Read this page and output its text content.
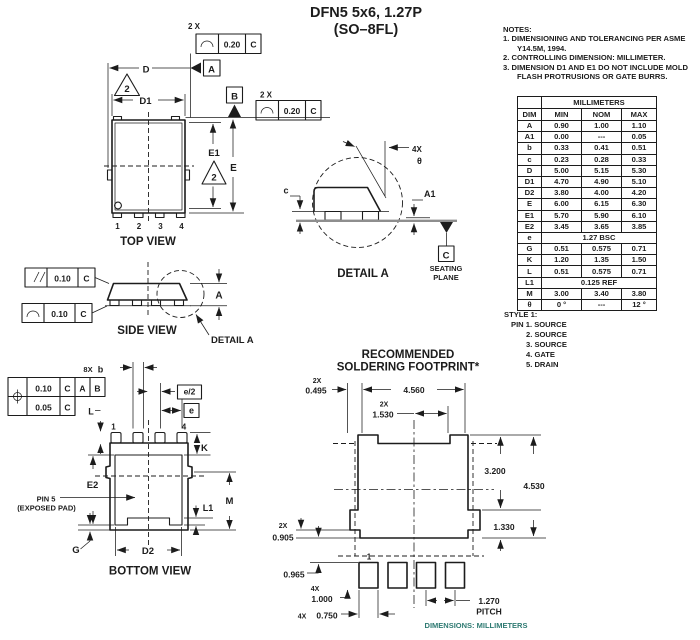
1 2 3 4
TOP VIEW
D	A
2 X
0.20 C
D1
2
B	2 X
0.20 C
E1
2
E
0.10 C
0.10 C
A
SIDE VIEW
DETAIL A
4X
θ
c	A1
C
SEATING
PLANE
DETAIL A
0.10 C A B
0.05 C
8X b
e/2
e
L
1	4
PIN 5
(EXPOSED PAD)
K
E2
M
L1
G	D2
BOTTOM VIEW
RECOMMENDED
SOLDERING FOOTPRINT*
2X
0.495	4.560
2X
1.530
3.200
4.530
1.330
2X
0.905
0.965
1
4X
1.000
4X 0.750
1.270
PITCH
DIMENSIONS: MILLIMETERS
DFN5 5x6, 1.27P
(SO–8FL)	NOTES:
1. DIMENSIONING AND TOLERANCING PER ASME Y14.5M, 1994.
2. CONTROLLING DIMENSION: MILLIMETER.
3. DIMENSION D1 AND E1 DO NOT INCLUDE MOLD FLASH PROTRUSIONS OR GATE BURRS.
	MILLIMETERS		
DIM	MIN	NOM	MAX
A	0.90	1.00	1.10
A1	0.00	---	0.05
b	0.33	0.41	0.51
c	0.23	0.28	0.33
D	5.00	5.15	5.30
D1	4.70	4.90	5.10
D2	3.80	4.00	4.20
E	6.00	6.15	6.30
E1	5.70	5.90	6.10
E2	3.45	3.65	3.85
e	1.27 BSC		
G	0.51	0.575	0.71
K	1.20	1.35	1.50
L	0.51	0.575	0.71
L1	0.125 REF		
M	3.00	3.40	3.80
θ	0 °	---	12 °
STYLE 1:
PIN 1. SOURCE
2. SOURCE
3. SOURCE
4. GATE
5. DRAIN
